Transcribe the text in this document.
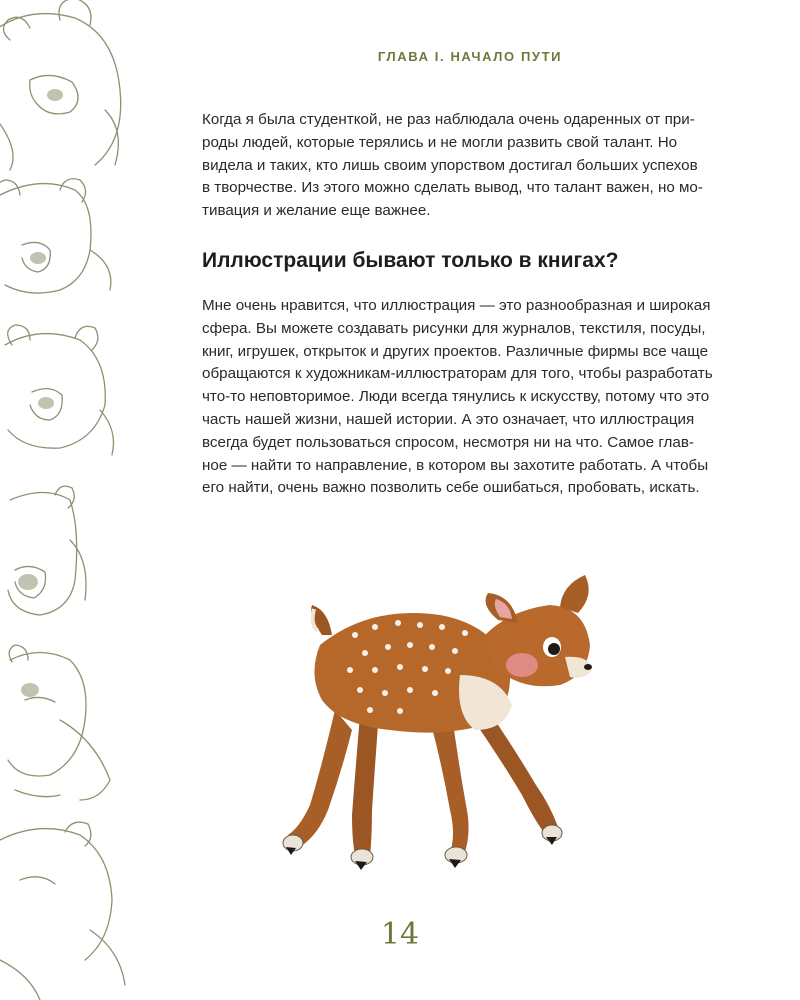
ГЛАВА I. НАЧАЛО ПУТИ

Когда я была студенткой, не раз наблюдала очень одаренных от при-
роды людей, которые терялись и не могли развить свой талант. Но
видела и таких, кто лишь своим упорством достигал больших успехов
в творчестве. Из этого можно сделать вывод, что талант важен, но мо-
тивация и желание еще важнее.

Иллюстрации бывают только в книгах?

Мне очень нравится, что иллюстрация — это разнообразная и широкая
сфера. Вы можете создавать рисунки для журналов, текстиля, посуды,
книг, игрушек, открыток и других проектов. Различные фирмы все чаще
обращаются к художникам-иллюстраторам для того, чтобы разработать
что-то неповторимое. Люди всегда тянулись к искусству, потому что это
часть нашей жизни, нашей истории. А это означает, что иллюстрация
всегда будет пользоваться спросом, несмотря ни на что. Самое глав-
ное — найти то направление, в котором вы захотите работать. А чтобы
его найти, очень важно позволить себе ошибаться, пробовать, искать.

14
